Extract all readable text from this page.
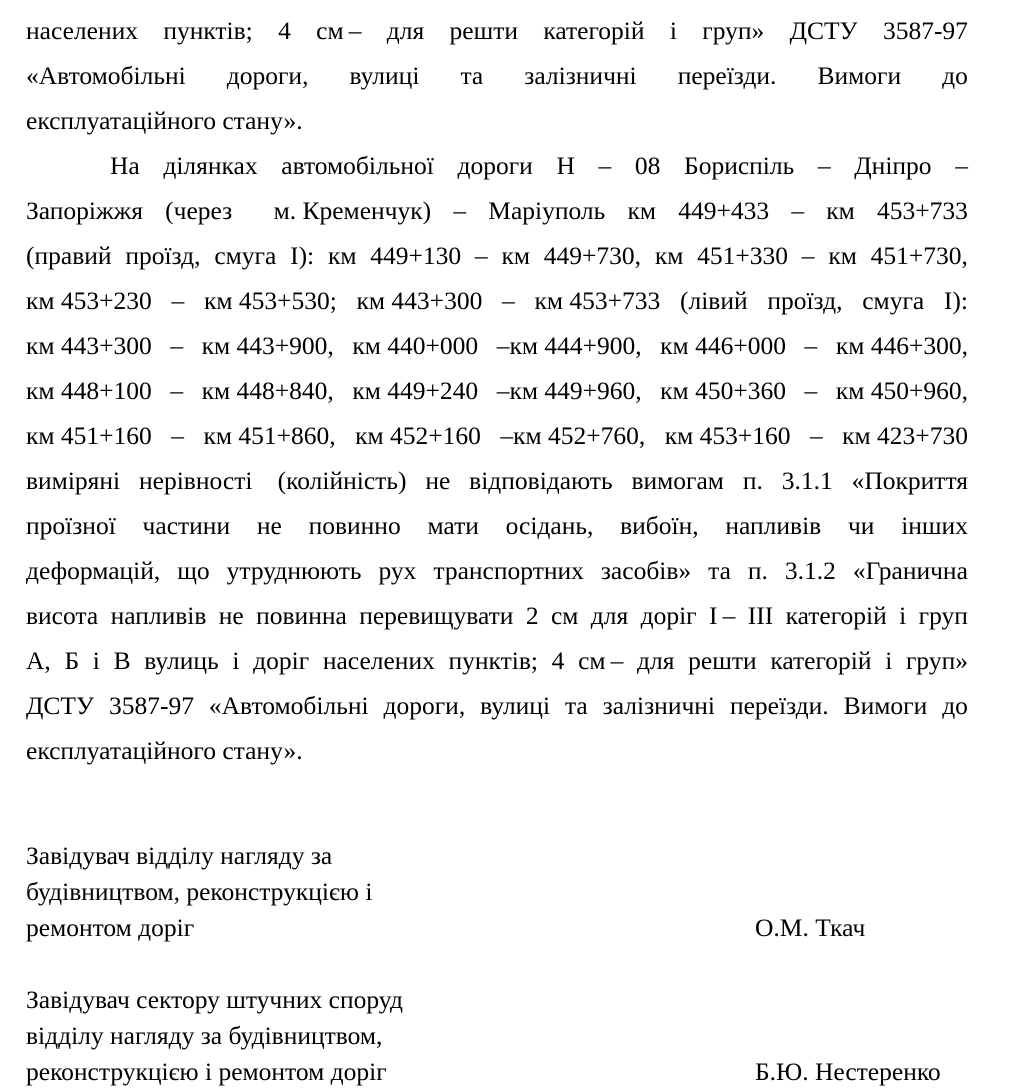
населених пунктів; 4 см – для решти категорій і груп» ДСТУ 3587-97
«Автомобільні дороги, вулиці та залізничні переїзди. Вимоги до
експлуатаційного стану».
На ділянках автомобільної дороги Н – 08 Бориспіль – Дніпро –
Запоріжжя (через м. Кременчук) – Маріуполь км 449+433 – км 453+733
(правий проїзд, смуга І): км 449+130 – км 449+730, км 451+330 – км 451+730,
км 453+230 – км 453+530; км 443+300 – км 453+733 (лівий проїзд, смуга І):
км 443+300 – км 443+900, км 440+000 –км 444+900, км 446+000 – км 446+300,
км 448+100 – км 448+840, км 449+240 –км 449+960, км 450+360 – км 450+960,
км 451+160 – км 451+860, км 452+160 –км 452+760, км 453+160 – км 423+730
виміряні нерівності (колійність) не відповідають вимогам п. 3.1.1 «Покриття
проїзної частини не повинно мати осідань, вибоїн, напливів чи інших
деформацій, що утруднюють рух транспортних засобів» та п. 3.1.2 «Гранична
висота напливів не повинна перевищувати 2 см для доріг І – ІІІ категорій і груп
А, Б і В вулиць і доріг населених пунктів; 4 см – для решти категорій і груп»
ДСТУ 3587-97 «Автомобільні дороги, вулиці та залізничні переїзди. Вимоги до
експлуатаційного стану».
Завідувач відділу нагляду за
будівництвом, реконструкцією і
ремонтом доріг	О.М. Ткач
Завідувач сектору штучних споруд
відділу нагляду за будівництвом,
реконструкцією і ремонтом доріг	Б.Ю. Нестеренко
